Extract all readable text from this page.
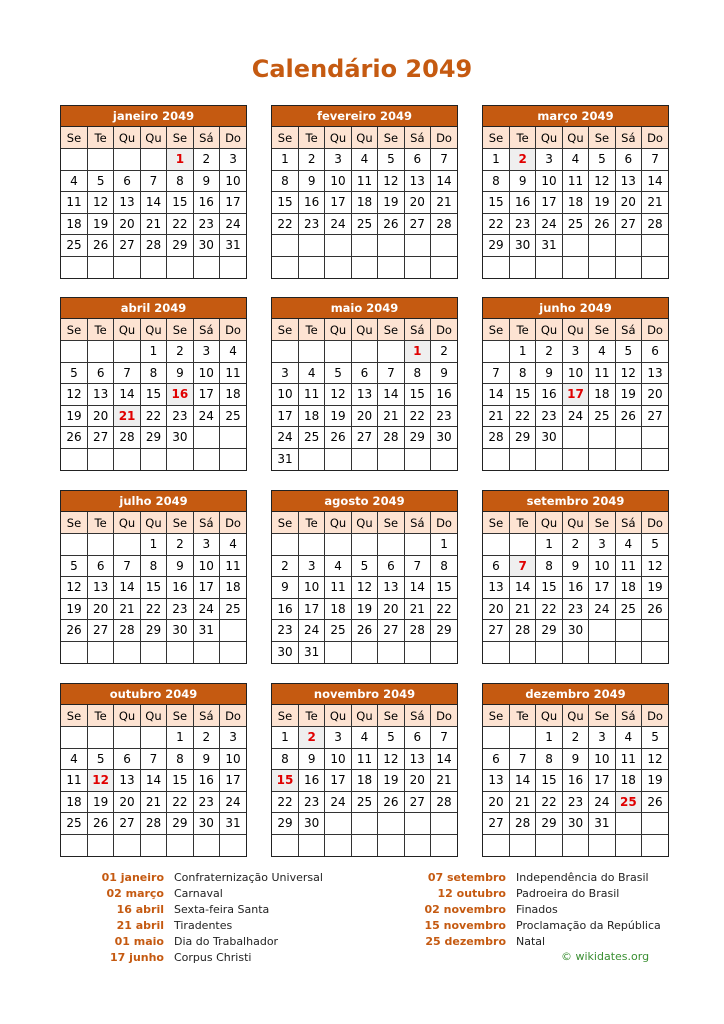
Calendário 2049
janeiro 2049
Se	Te	Qu	Qu	Se	Sá	Do
				1	2	3
4	5	6	7	8	9	10
11	12	13	14	15	16	17
18	19	20	21	22	23	24
25	26	27	28	29	30	31

fevereiro 2049
Se	Te	Qu	Qu	Se	Sá	Do
1	2	3	4	5	6	7
8	9	10	11	12	13	14
15	16	17	18	19	20	21
22	23	24	25	26	27	28

março 2049
Se	Te	Qu	Qu	Se	Sá	Do
1	2	3	4	5	6	7
8	9	10	11	12	13	14
15	16	17	18	19	20	21
22	23	24	25	26	27	28
29	30	31				

abril 2049
Se	Te	Qu	Qu	Se	Sá	Do
			1	2	3	4
5	6	7	8	9	10	11
12	13	14	15	16	17	18
19	20	21	22	23	24	25
26	27	28	29	30		

maio 2049
Se	Te	Qu	Qu	Se	Sá	Do
					1	2
3	4	5	6	7	8	9
10	11	12	13	14	15	16
17	18	19	20	21	22	23
24	25	26	27	28	29	30
31						
junho 2049
Se	Te	Qu	Qu	Se	Sá	Do
	1	2	3	4	5	6
7	8	9	10	11	12	13
14	15	16	17	18	19	20
21	22	23	24	25	26	27
28	29	30				

julho 2049
Se	Te	Qu	Qu	Se	Sá	Do
			1	2	3	4
5	6	7	8	9	10	11
12	13	14	15	16	17	18
19	20	21	22	23	24	25
26	27	28	29	30	31	

agosto 2049
Se	Te	Qu	Qu	Se	Sá	Do
						1
2	3	4	5	6	7	8
9	10	11	12	13	14	15
16	17	18	19	20	21	22
23	24	25	26	27	28	29
30	31					
setembro 2049
Se	Te	Qu	Qu	Se	Sá	Do
		1	2	3	4	5
6	7	8	9	10	11	12
13	14	15	16	17	18	19
20	21	22	23	24	25	26
27	28	29	30			

outubro 2049
Se	Te	Qu	Qu	Se	Sá	Do
				1	2	3
4	5	6	7	8	9	10
11	12	13	14	15	16	17
18	19	20	21	22	23	24
25	26	27	28	29	30	31

novembro 2049
Se	Te	Qu	Qu	Se	Sá	Do
1	2	3	4	5	6	7
8	9	10	11	12	13	14
15	16	17	18	19	20	21
22	23	24	25	26	27	28
29	30					

dezembro 2049
Se	Te	Qu	Qu	Se	Sá	Do
		1	2	3	4	5
6	7	8	9	10	11	12
13	14	15	16	17	18	19
20	21	22	23	24	25	26
27	28	29	30	31		

01 janeiro Confraternização Universal
02 março Carnaval
16 abril Sexta-feira Santa
21 abril Tiradentes
01 maio Dia do Trabalhador
17 junho Corpus Christi
07 setembro Independência do Brasil
12 outubro Padroeira do Brasil
02 novembro Finados
15 novembro Proclamação da República
25 dezembro Natal
© wikidates.org
